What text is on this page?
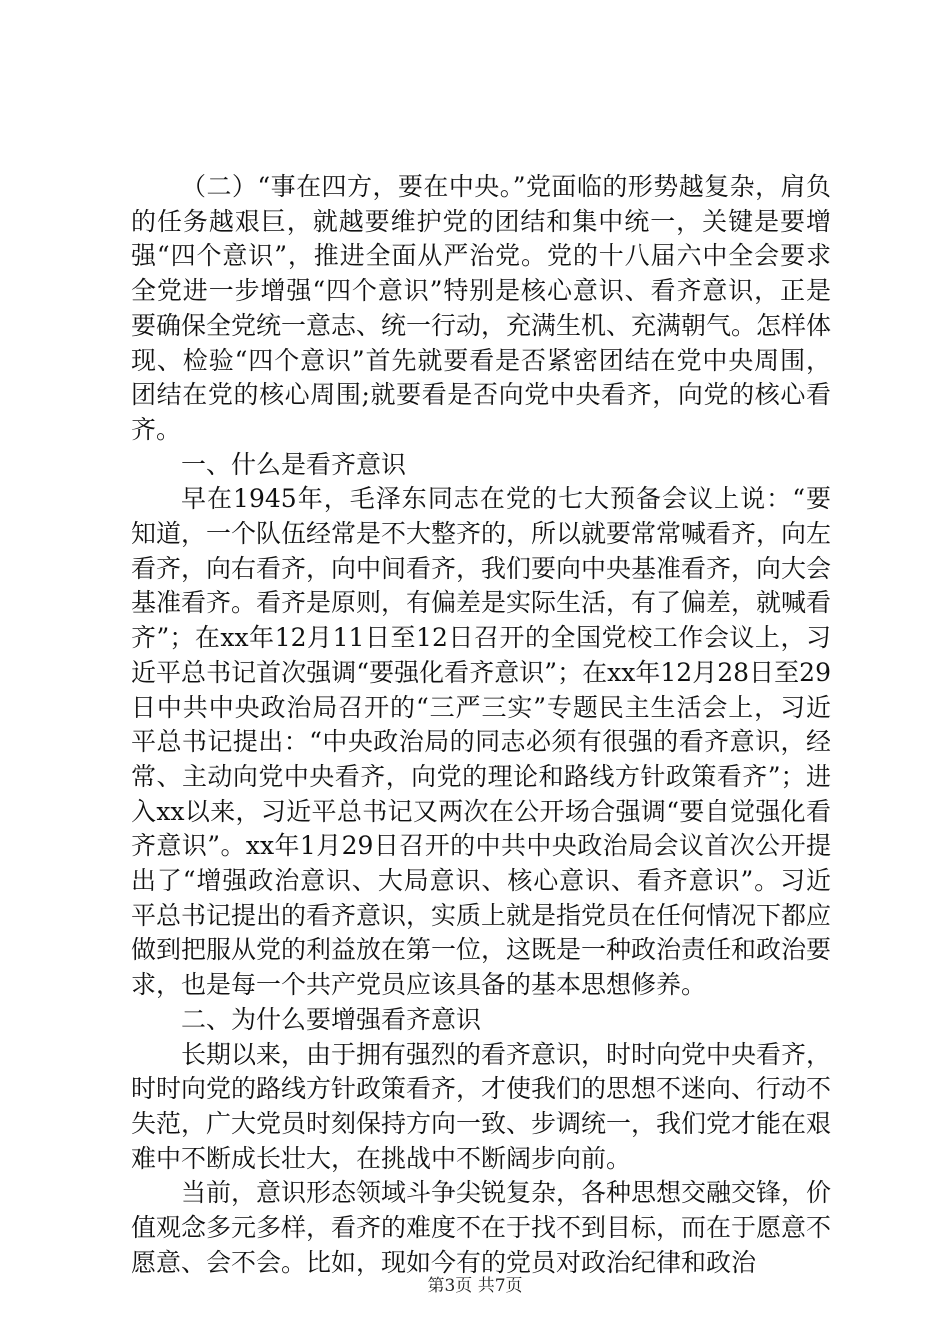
（二）“事在四方，要在中央。”党面临的形势越复杂，肩负的任务越艰巨，就越要维护党的团结和集中统一，关键是要增强“四个意识”，推进全面从严治党。党的十八届六中全会要求全党进一步增强“四个意识”特别是核心意识、看齐意识，正是要确保全党统一意志、统一行动，充满生机、充满朝气。怎样体现、检验“四个意识”首先就要看是否紧密团结在党中央周围，团结在党的核心周围;就要看是否向党中央看齐，向党的核心看齐。

一、什么是看齐意识

早在1945年，毛泽东同志在党的七大预备会议上说：“要知道，一个队伍经常是不大整齐的，所以就要常常喊看齐，向左看齐，向右看齐，向中间看齐，我们要向中央基准看齐，向大会基准看齐。看齐是原则，有偏差是实际生活，有了偏差，就喊看齐”；在xx年12月11日至12日召开的全国党校工作会议上，习近平总书记首次强调“要强化看齐意识”；在xx年12月28日至29日中共中央政治局召开的“三严三实”专题民主生活会上，习近平总书记提出：“中央政治局的同志必须有很强的看齐意识，经常、主动向党中央看齐，向党的理论和路线方针政策看齐”；进入xx以来，习近平总书记又两次在公开场合强调“要自觉强化看齐意识”。xx年1月29日召开的中共中央政治局会议首次公开提出了“增强政治意识、大局意识、核心意识、看齐意识”。习近平总书记提出的看齐意识，实质上就是指党员在任何情况下都应做到把服从党的利益放在第一位，这既是一种政治责任和政治要求，也是每一个共产党员应该具备的基本思想修养。

二、为什么要增强看齐意识

长期以来，由于拥有强烈的看齐意识，时时向党中央看齐，时时向党的路线方针政策看齐，才使我们的思想不迷向、行动不失范，广大党员时刻保持方向一致、步调统一，我们党才能在艰难中不断成长壮大，在挑战中不断阔步向前。

当前，意识形态领域斗争尖锐复杂，各种思想交融交锋，价值观念多元多样，看齐的难度不在于找不到目标，而在于愿意不愿意、会不会。比如，现如今有的党员对政治纪律和政治

第3页 共7页
